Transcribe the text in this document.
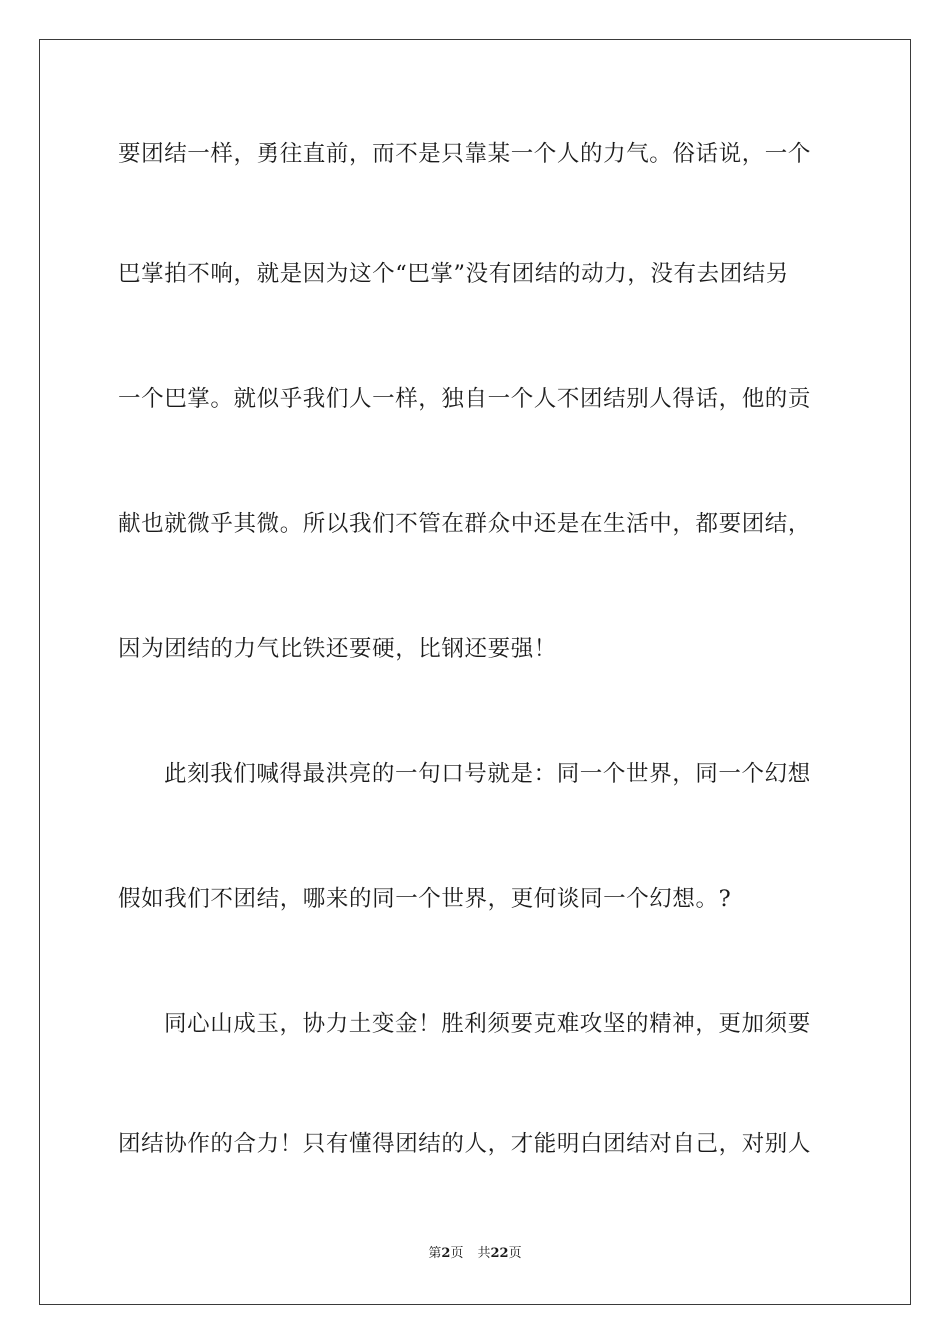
要团结一样，勇往直前，而不是只靠某一个人的力气。俗话说，一个
巴掌拍不响，就是因为这个“巴掌”没有团结的动力，没有去团结另
一个巴掌。就似乎我们人一样，独自一个人不团结别人得话，他的贡
献也就微乎其微。所以我们不管在群众中还是在生活中，都要团结，
因为团结的力气比铁还要硬，比钢还要强！
此刻我们喊得最洪亮的一句口号就是：同一个世界，同一个幻想
假如我们不团结，哪来的同一个世界，更何谈同一个幻想。?
同心山成玉，协力土变金！胜利须要克难攻坚的精神，更加须要
团结协作的合力！只有懂得团结的人，才能明白团结对自己，对别人
第2页 共22页
